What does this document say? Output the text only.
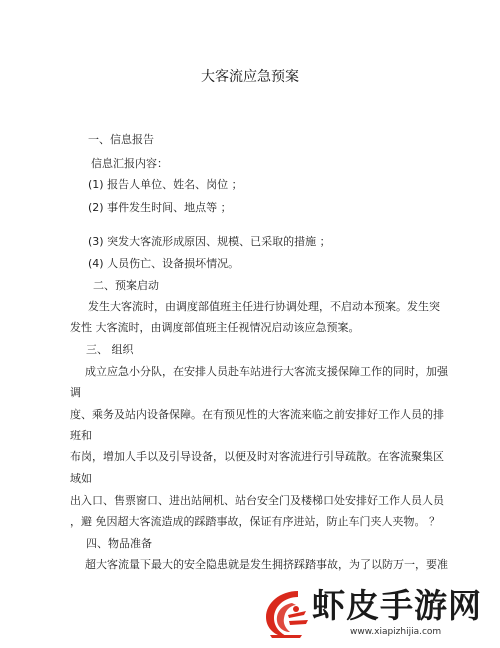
大客流应急预案
一、信息报告
信息汇报内容：
(1) 报告人单位、姓名、岗位 ；
(2) 事件发生时间、地点等 ；
(3) 突发大客流形成原因、规模、已采取的措施 ；
(4) 人员伤亡、设备损坏情况。
二、预案启动
发生大客流时，由调度部值班主任进行协调处理，不启动本预案。发生突
发性 大客流时，由调度部值班主任视情况启动该应急预案。
三、 组织
成立应急小分队，在安排人员赴车站进行大客流支援保障工作的同时，加强
调
度、乘务及站内设备保障。在有预见性的大客流来临之前安排好工作人员的排
班和
布岗，增加人手以及引导设备，以便及时对客流进行引导疏散。在客流聚集区
域如
出入口、售票窗口、进出站闸机、站台安全门及楼梯口处安排好工作人员人员
，避 免因超大客流造成的踩踏事故，保证有序进站，防止车门夹人夹物。 ？
四、物品准备
超大客流量下最大的安全隐患就是发生拥挤踩踏事故，为了以防万一，要准
虾皮手游网
www.xiapizhijia.com
